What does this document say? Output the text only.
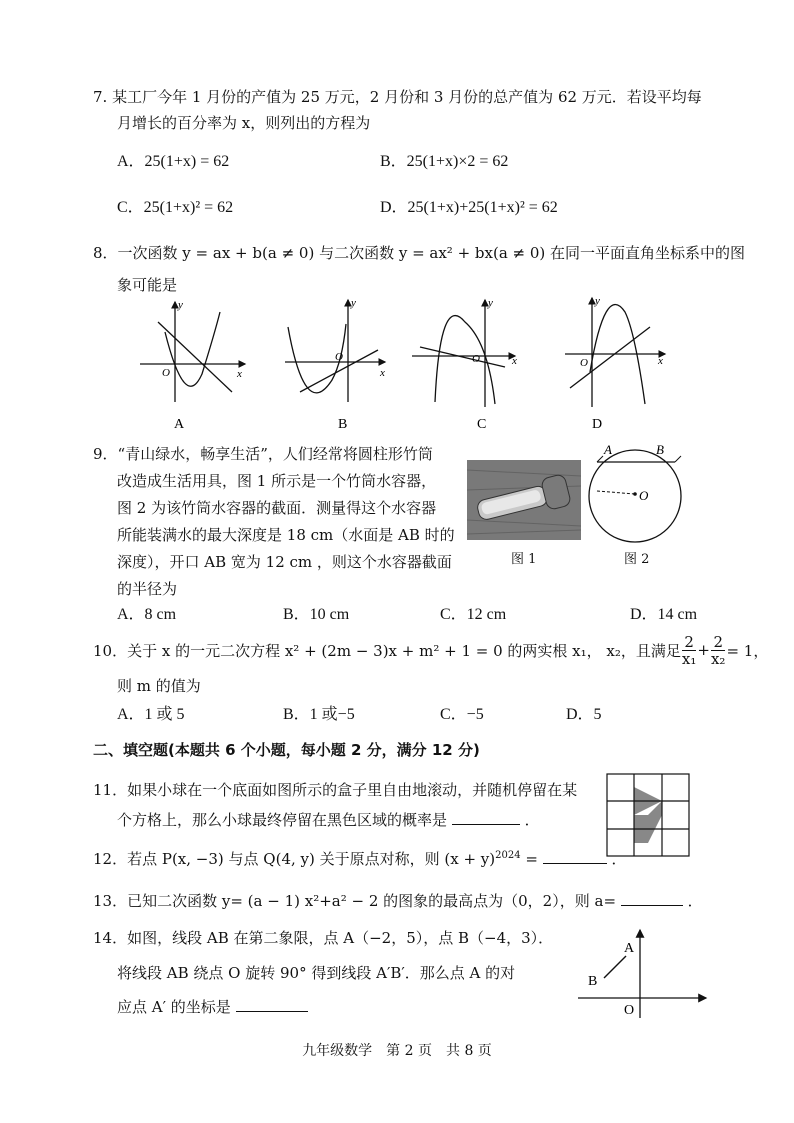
7. 某工厂今年 1 月份的产值为 25 万元，2 月份和 3 月份的总产值为 62 万元．若设平均每
月增长的百分率为 x，则列出的方程为
A．25(1+x) = 62	B．25(1+x)×2 = 62
C．25(1+x)² = 62	D．25(1+x)+25(1+x)² = 62
8．一次函数 y = ax + b(a ≠ 0) 与二次函数 y = ax² + bx(a ≠ 0) 在同一平面直角坐标系中的图
象可能是
y
x
O
A
y
x
O
B
y
x
O
C
y
x
O
D
9．“青山绿水，畅享生活”，人们经常将圆柱形竹筒
改造成生活用具，图 1 所示是一个竹筒水容器，
图 2 为该竹筒水容器的截面．测量得这个水容器
所能装满水的最大深度是 18 cm（水面是 AB 时的
深度），开口 AB 宽为 12 cm ，则这个水容器截面
的半径为
图 1
A	B
O
图 2
A．8 cm	B．10 cm	C．12 cm	D．14 cm
10．关于 x 的一元二次方程 x² + (2m − 3)x + m² + 1 = 0 的两实根 x₁， x₂，且满足 $\frac{2}{\text{x₁}} + \frac{2}{\text{x₂}} = 1$，
则 m 的值为
A．1 或 5	B．1 或−5	C．−5	D．5
二、填空题(本题共 6 个小题，每小题 2 分，满分 12 分)
11．如果小球在一个底面如图所示的盒子里自由地滚动，并随机停留在某
个方格上，那么小球最终停留在黑色区域的概率是	．
12．若点 P(x, −3) 与点 Q(4, y) 关于原点对称，则 $(x + y)^{2024}$ =	．
13．已知二次函数 y= (a − 1) x²+a² − 2 的图象的最高点为（0，2），则 a=	．
14．如图，线段 AB 在第二象限，点 A（−2，5），点 B（−4，3）．
将线段 AB 绕点 O 旋转 90° 得到线段 A′B′．那么点 A 的对
应点 A′ 的坐标是
A
B
O
九年级数学　第 2 页　共 8 页
